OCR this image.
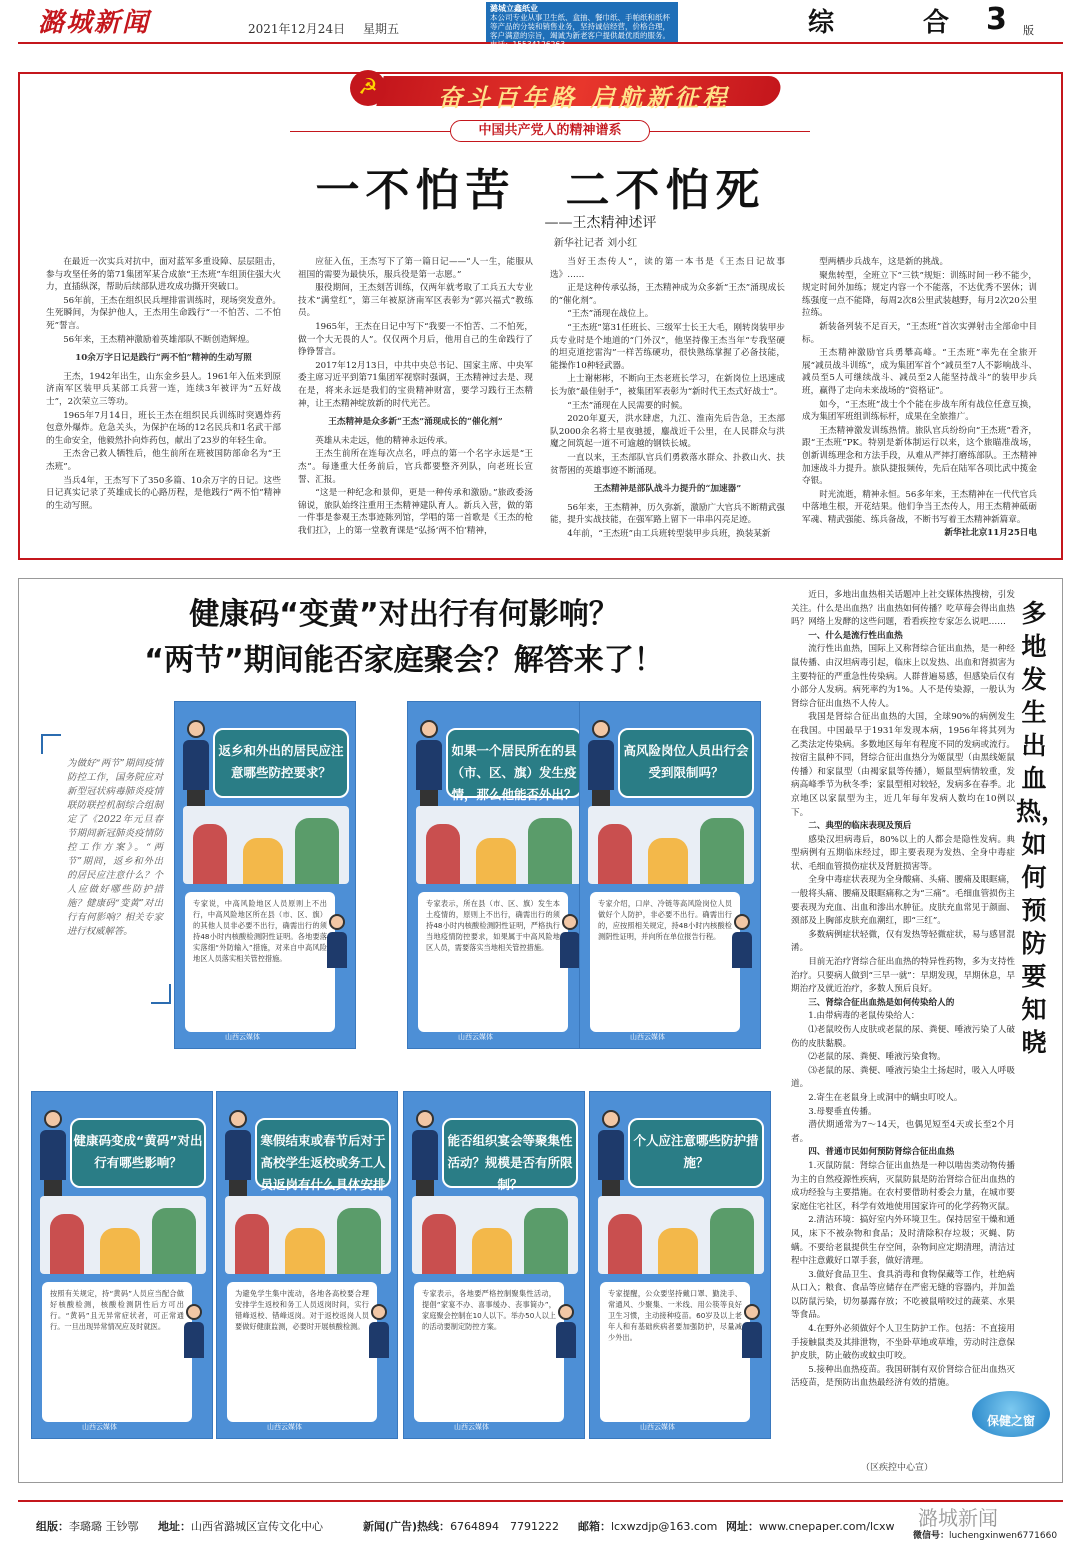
潞城新闻	2021年12月24日 星期五
潞城立鑫纸业
本公司专业从事卫生纸、盒抽、餐巾纸、手帕纸和纸杯等产品的分装和销售业务，坚持诚信经营，价格合理，客户满意的宗旨，竭诚为新老客户提供最优质的服务。电话：15534126263
综 合
3 版
☭	奋斗百年路 启航新征程
中国共产党人的精神谱系
一不怕苦　二不怕死
——王杰精神述评
新华社记者 刘小红

在最近一次实兵对抗中，面对蓝军多重设障、层层阻击，参与攻坚任务的第71集团军某合成旅“王杰班”车组顶住强大火力，直插纵深，帮助后续部队进攻成功撕开突破口。

56年前，王杰在组织民兵埋排雷训练时，现场突发意外。生死瞬间，为保护他人，王杰用生命践行“一不怕苦、二不怕死”誓言。

56年来，王杰精神激励着英雄部队不断创造辉煌。

10余万字日记是践行“两不怕”精神的生动写照

王杰，1942年出生，山东金乡县人。1961年入伍来到原济南军区装甲兵某部工兵营一连，连续3年被评为“五好战士”，2次荣立三等功。

1965年7月14日，班长王杰在组织民兵训练时突遇炸药包意外爆炸。危急关头，为保护在场的12名民兵和1名武干部的生命安全，他毅然扑向炸药包，献出了23岁的年轻生命。

王杰舍己救人牺牲后，他生前所在班被国防部命名为“王杰班”。

当兵4年，王杰写下了350多篇、10余万字的日记。这些日记真实记录了英雄成长的心路历程，是他践行“两不怕”精神的生动写照。

应征入伍，王杰写下了第一篇日记——“人一生，能服从祖国的需要为最快乐，服兵役是第一志愿。”

服役期间，王杰刻苦训练，仅两年就考取了工兵五大专业技术“满堂红”，第三年被原济南军区表彰为“郭兴福式”教练员。

1965年，王杰在日记中写下“我要一不怕苦、二不怕死，做一个大无畏的人”。仅仅两个月后，他用自己的生命践行了铮铮誓言。

2017年12月13日，中共中央总书记、国家主席、中央军委主席习近平到第71集团军视察时强调，王杰精神过去是、现在是，将来永远是我们的宝贵精神财富，要学习践行王杰精神，让王杰精神绽放新的时代光芒。

王杰精神是众多新“王杰”涌现成长的“催化剂”

英雄从未走远，他的精神永远传承。

王杰生前所在连每次点名，呼点的第一个名字永远是“王杰”。每逢重大任务前后，官兵都要整齐列队，向老班长宣誓、汇报。

“这是一种纪念和景仰，更是一种传承和激励。”旅政委汤锦说，旅队始终注重用王杰精神建队育人。新兵入营，做的第一件事是参观王杰事迹陈列馆，学唱的第一首歌是《王杰的枪我们扛》，上的第一堂教育课是“弘扬‘两不怕’精神，

当好王杰传人”，读的第一本书是《王杰日记故事选》……

正是这种传承弘扬，王杰精神成为众多新“王杰”涌现成长的“催化剂”。

“王杰”涌现在战位上。

“王杰班”第31任班长、三级军士长王大毛，刚转岗装甲步兵专业时是个地道的“门外汉”，他坚持像王杰当年“专我坚硬的坦克道挖雷沟”一样苦练硬功，很快熟练掌握了必备技能，能操作10种轻武器。

上士谢彬彬，不断向王杰老班长学习，在新岗位上迅速成长为旅“最佳射手”，被集团军表彰为“新时代王杰式好战士”。

“王杰”涌现在人民需要的时候。

2020年夏天，洪水肆虐，九江、淮南先后告急，王杰部队2000余名将士星夜驰援，鏖战近千公里，在人民群众与洪魔之间筑起一道不可逾越的钢铁长城。

一直以来，王杰部队官兵们勇救落水群众、扑救山火、扶贫帮困的英雄事迹不断涌现。

王杰精神是部队战斗力提升的“加速器”

56年来，王杰精神，历久弥新，激励广大官兵不断精武强能，提升实战技能，在强军路上留下一串串闪亮足迹。

4年前，“王杰班”由工兵班转型装甲步兵班，换装某新

型两栖步兵战车，这是新的挑战。

聚焦转型，全班立下“三铁”规矩：训练时间一秒不能少，规定时间外加练；规定内容一个不能落，不达优秀不罢休；训练强度一点不能降，每周2次8公里武装越野，每月2次20公里拉练。

新装备列装不足百天，“王杰班”首次实弹射击全部命中目标。

王杰精神激励官兵勇攀高峰。“王杰班”率先在全旅开展“减员战斗训练”，成为集团军首个“减员至7人不影响战斗、减员至5人可继续战斗、减员至2人能坚持战斗”的装甲步兵班，赢得了走向未来战场的“资格证”。

如今，“王杰班”战士个个能在步战车所有战位任意互换，成为集团军班组训练标杆，成果在全旅推广。

王杰精神激发训练热情。旅队官兵纷纷向“王杰班”看齐，跟“王杰班”PK。特别是新体制运行以来，这个旅瞄准战场，创新训练理念和方法手段，从难从严摔打磨练部队。王杰精神加速战斗力提升。旅队捷报频传，先后在陆军各项比武中揽金夺银。

时光流逝，精神永恒。56多年来，王杰精神在一代代官兵中落地生根，开花结果。他们争当王杰传人，用王杰精神砥砺军魂、精武强能、练兵备战，不断书写着王杰精神新篇章。

新华社北京11月25日电

健康码“变黄”对出行有何影响？
“两节”期间能否家庭聚会？解答来了！
为做好“两节”期间疫情防控工作，国务院应对新型冠状病毒肺炎疫情联防联控机制综合组制定了《2022年元旦春节期间新冠肺炎疫情防控工作方案》。“两节”期间，返乡和外出的居民应注意什么？个人应做好哪些防护措施？健康码“变黄”对出行有何影响？相关专家进行权威解答。
返乡和外出的居民应注意哪些防控要求？
专家说，中高风险地区人员原则上不出行，中高风险地区所在县（市、区、旗）的其他人员非必要不出行，确需出行的须持48小时内核酸检测阴性证明。各地要落实落细“外防输入”措施，对来自中高风险地区人员落实相关管控措施。
山西云媒体
如果一个居民所在的县（市、区、旗）发生疫情，那么他能否外出？
专家表示，所在县（市、区、旗）发生本土疫情的，原则上不出行，确需出行的须持48小时内核酸检测阴性证明，严格执行当地疫情防控要求，如果属于中高风险地区人员，需要落实当地相关管控措施。
山西云媒体
高风险岗位人员出行会受到限制吗？
专家介绍，口岸、冷链等高风险岗位人员做好个人防护，非必要不出行。确需出行的，应按照相关规定，持48小时内核酸检测阴性证明，并向所在单位报告行程。
山西云媒体
健康码变成“黄码”对出行有哪些影响？
按照有关规定，持“黄码”人员应当配合做好核酸检测，核酸检测阴性后方可出行。“黄码”且无异常症状者，可正常通行。一旦出现异常情况应及时就医。
山西云媒体
寒假结束或春节后对于高校学生返校或务工人员返岗有什么具体安排
为避免学生集中流动，各地各高校要合理安排学生返校和务工人员返岗时间，实行错峰返校、错峰返岗。对于返校返岗人员要做好健康监测，必要时开展核酸检测。
山西云媒体
能否组织宴会等聚集性活动？规模是否有所限制？
专家表示，各地要严格控制聚集性活动，提倡“家宴不办、喜事缓办、丧事简办”，家庭聚会控制在10人以下。举办50人以上的活动要制定防控方案。
山西云媒体
个人应注意哪些防护措施？
专家提醒，公众要坚持戴口罩、勤洗手、常通风、少聚集、一米线、用公筷等良好卫生习惯，主动接种疫苗。60岁及以上老年人和有基础疾病者要加强防护，尽量减少外出。
山西云媒体
多地发生出血热，如何预防要知晓

近日，多地出血热相关话题冲上社交媒体热搜榜，引发关注。什么是出血热？出血热如何传播？吃草莓会得出血热吗？网络上发酵的这些问题，看看疾控专家怎么说吧……

一、什么是流行性出血热

流行性出血热，国际上又称肾综合征出血热，是一种经鼠传播、由汉坦病毒引起，临床上以发热、出血和肾损害为主要特征的严重急性传染病。人群普遍易感，但感染后仅有小部分人发病。病死率约为1%。人不是传染源，一般认为肾综合征出血热不人传人。

我国是肾综合征出血热的大国，全球90%的病例发生在我国。中国最早于1931年发现本病，1956年将其列为乙类法定传染病。多数地区每年有程度不同的发病或流行。按宿主鼠种不同，肾综合征出血热分为姬鼠型（由黑线姬鼠传播）和家鼠型（由褐家鼠等传播），姬鼠型病情较重，发病高峰季节为秋冬季；家鼠型相对较轻，发病多在春季。北京地区以家鼠型为主，近几年每年发病人数均在10例以下。

二、典型的临床表现及预后

感染汉坦病毒后，80%以上的人都会是隐性发病。典型病例有五期临床经过，即主要表现为发热、全身中毒症状、毛细血管损伤症状及肾脏损害等。

全身中毒症状表现为全身酸痛、头痛、腰痛及眼眶痛，一般将头痛、腰痛及眼眶痛称之为“三痛”。毛细血管损伤主要表现为充血、出血和渗出水肿征。皮肤充血常见于颜面、颈部及上胸部皮肤充血潮红，即“三红”。

多数病例症状轻微，仅有发热等轻微症状，易与感冒混淆。

目前无治疗肾综合征出血热的特异性药物，多为支持性治疗。只要病人做到“三早一就”：早期发现，早期休息，早期治疗及就近治疗，多数人预后良好。

三、肾综合征出血热是如何传染给人的

1.由带病毒的老鼠传染给人：

⑴老鼠咬伤人皮肤或老鼠的尿、粪便、唾液污染了人破伤的皮肤黏膜。

⑵老鼠的尿、粪便、唾液污染食物。

⑶老鼠的尿、粪便、唾液污染尘土扬起时，吸入人呼吸道。

2.寄生在老鼠身上或洞中的螨虫叮咬人。

3.母婴垂直传播。

潜伏期通常为7～14天，也偶见短至4天或长至2个月者。

四、普通市民如何预防肾综合征出血热

1.灭鼠防鼠：肾综合征出血热是一种以啮齿类动物传播为主的自然疫源性疾病，灭鼠防鼠是防治肾综合征出血热的成功经验与主要措施。在农村要借助村委会力量，在城市要家庭住宅社区，科学有效地使用国家许可的化学药物灭鼠。

2.清洁环境：搞好室内外环境卫生。保持居室干燥和通风，床下不被杂物和食品；及时清除积存垃圾；灭蝇、防螨。不要给老鼠提供生存空间，杂物间应定期清理，清洁过程中注意戴好口罩手套，做好清理。

3.做好食品卫生、食具消毒和食物保藏等工作，杜绝病从口入；粮食、食品等应储存在严密无缝的容器内，并加盖以防鼠污染，切勿暴露存放；不吃被鼠啃咬过的蔬菜、水果等食品。

4.在野外必须做好个人卫生防护工作。包括：不直接用手接触鼠类及其排泄物，不坐卧草地或草堆，劳动时注意保护皮肤，防止破伤或蚊虫叮咬。

5.接种出血热疫苗。我国研制有双价肾综合征出血热灭活疫苗，是预防出血热最经济有效的措施。

保健之窗
（区疾控中心宣）
组版：李璐璐 王钞鄂 地址：山西省潞城区宣传文化中心	新闻(广告)热线：6764894　7791222 邮箱：lcxwzdjp@163.com 网址：www.cnepaper.com/lcxw
微信号：luchengxinwen6771660
潞城新闻
